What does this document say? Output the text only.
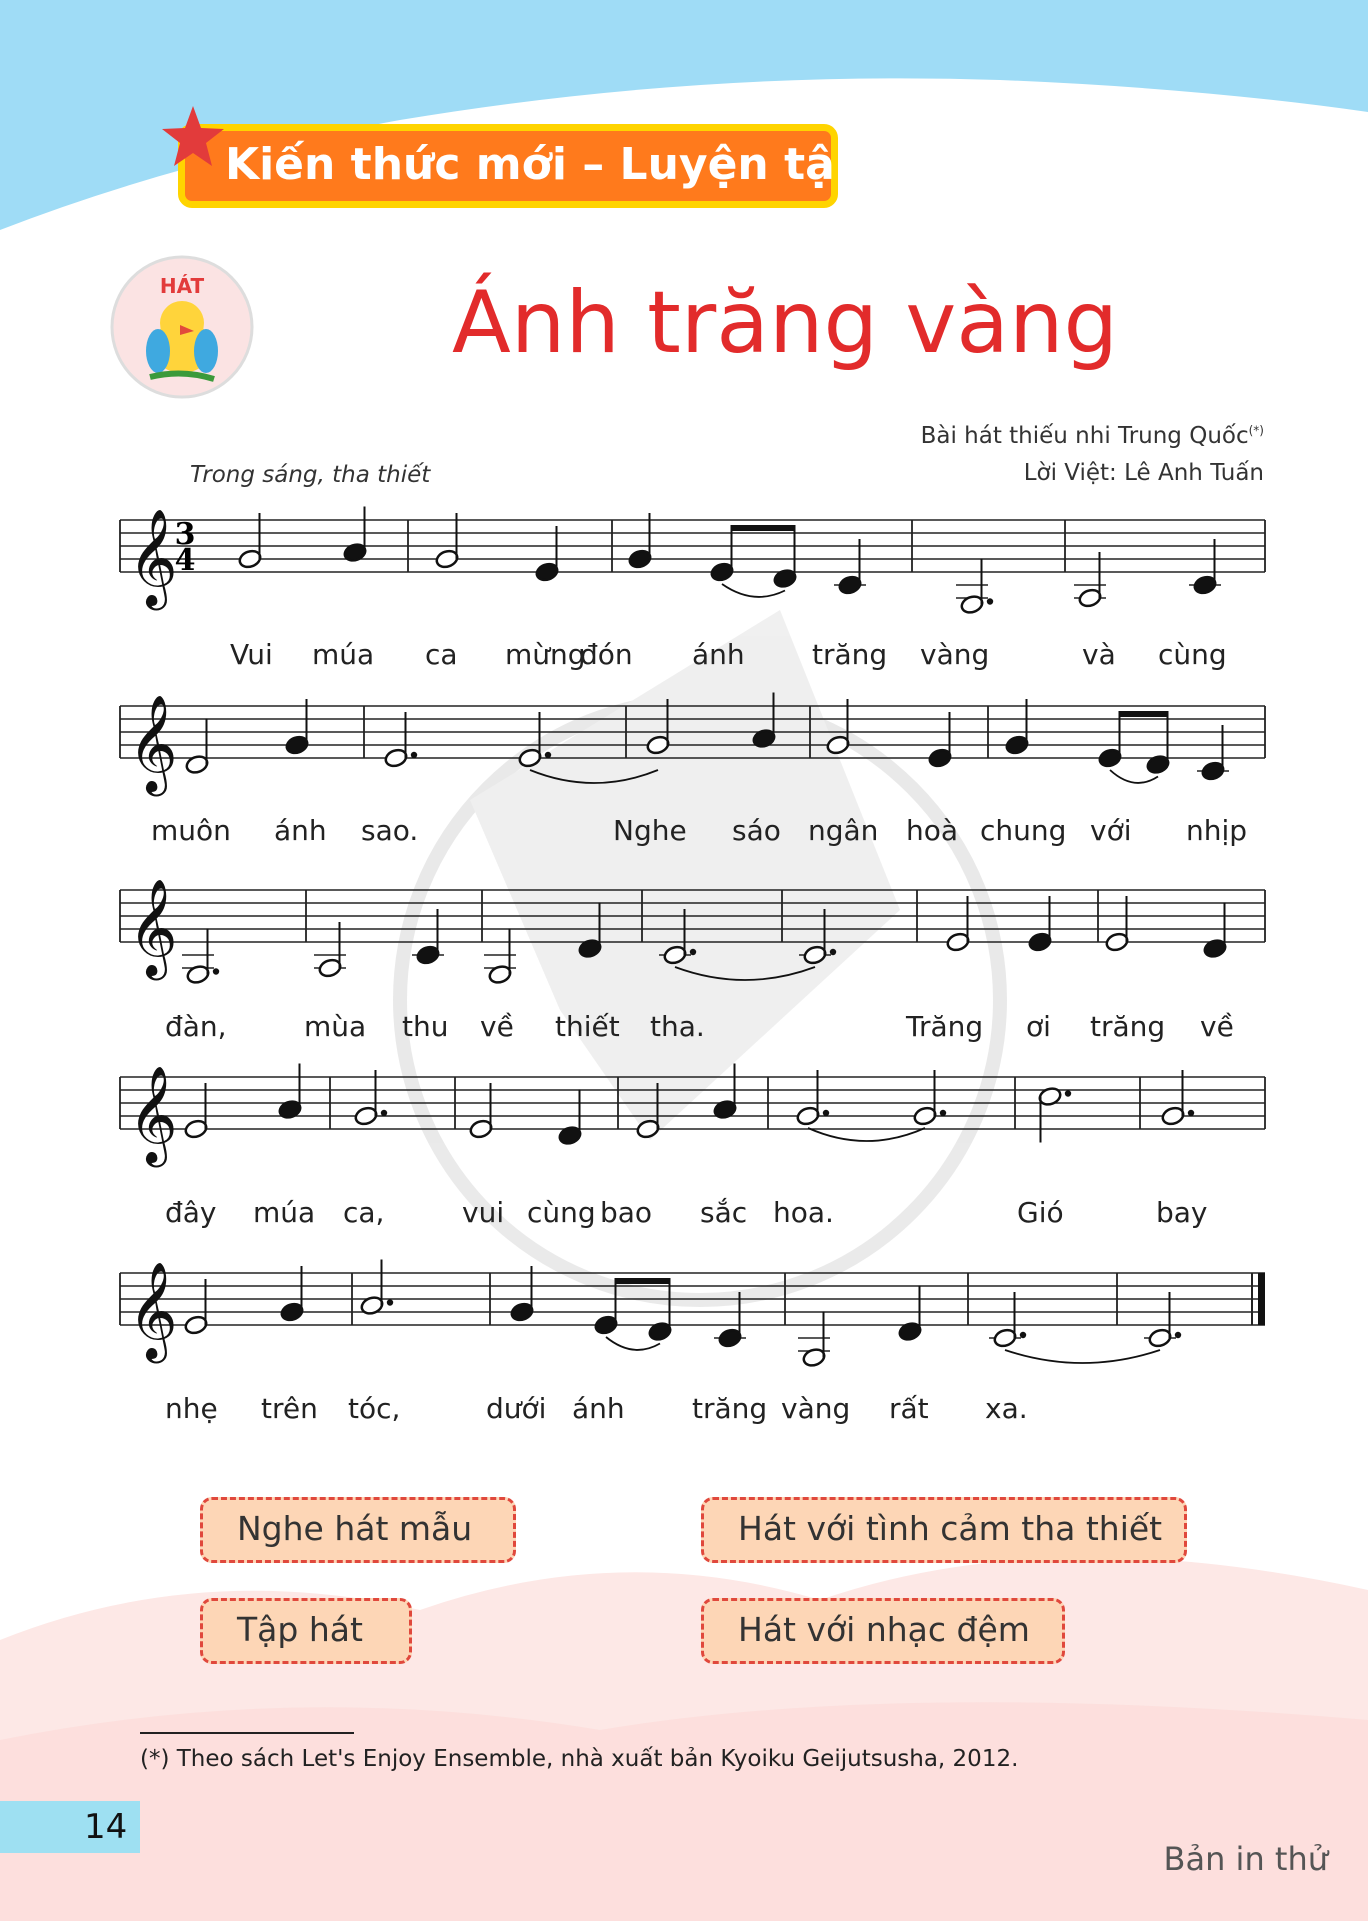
Kiến thức mới – Luyện tập
HÁT	Ánh trăng vàng
Bài hát thiếu nhi Trung Quốc(*)
Lời Việt: Lê Anh Tuấn
Trong sáng, tha thiết
𝄞
3
4
𝄞
𝄞
𝄞
𝄞
Vui múa ca mừng
đón ánh trăng vàng	và cùng
muôn ánh sao.	Nghe sáo ngân hoà chung với nhịp
đàn,	mùa thu về thiết tha.	Trăng ơi trăng về
đây múa ca,	vui cùng bao sắc hoa.	Gió	bay
nhẹ trên tóc,	dưới ánh trăng vàng rất xa.
Nghe hát mẫu	Hát với tình cảm tha thiết
Tập hát	Hát với nhạc đệm
(*) Theo sách Let's Enjoy Ensemble, nhà xuất bản Kyoiku Geijutsusha, 2012.
14
Bản in thử
